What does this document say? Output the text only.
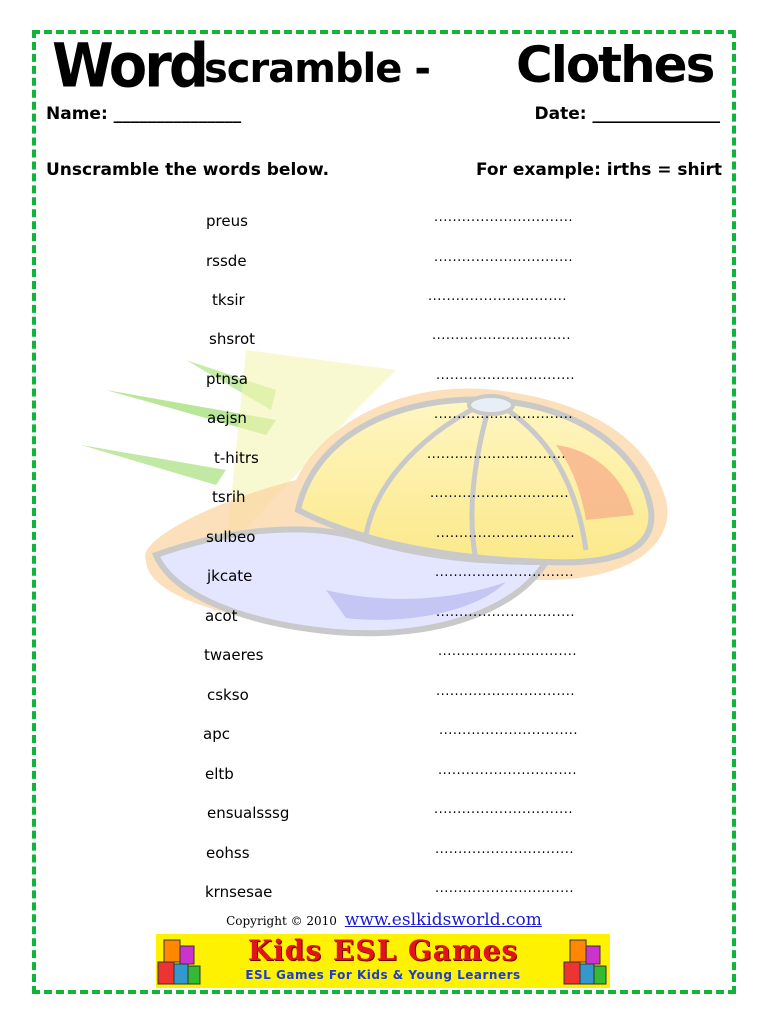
Word
scramble - Clothes
Name: _______________	Date: _______________
Unscramble the words below.	For example: irths = shirt
preus	..............................
rssde	..............................
tksir	..............................
shsrot	..............................
ptnsa	..............................
aejsn	..............................
t-hitrs	..............................
tsrih	..............................
sulbeo	..............................
jkcate	..............................
acot	..............................
twaeres	..............................
cskso	..............................
apc	..............................
eltb	..............................
ensualsssg	..............................
eohss	..............................
krnsesae	..............................
Copyright © 2010 www.eslkidsworld.com
Kids ESL Games
ESL Games For Kids & Young Learners
